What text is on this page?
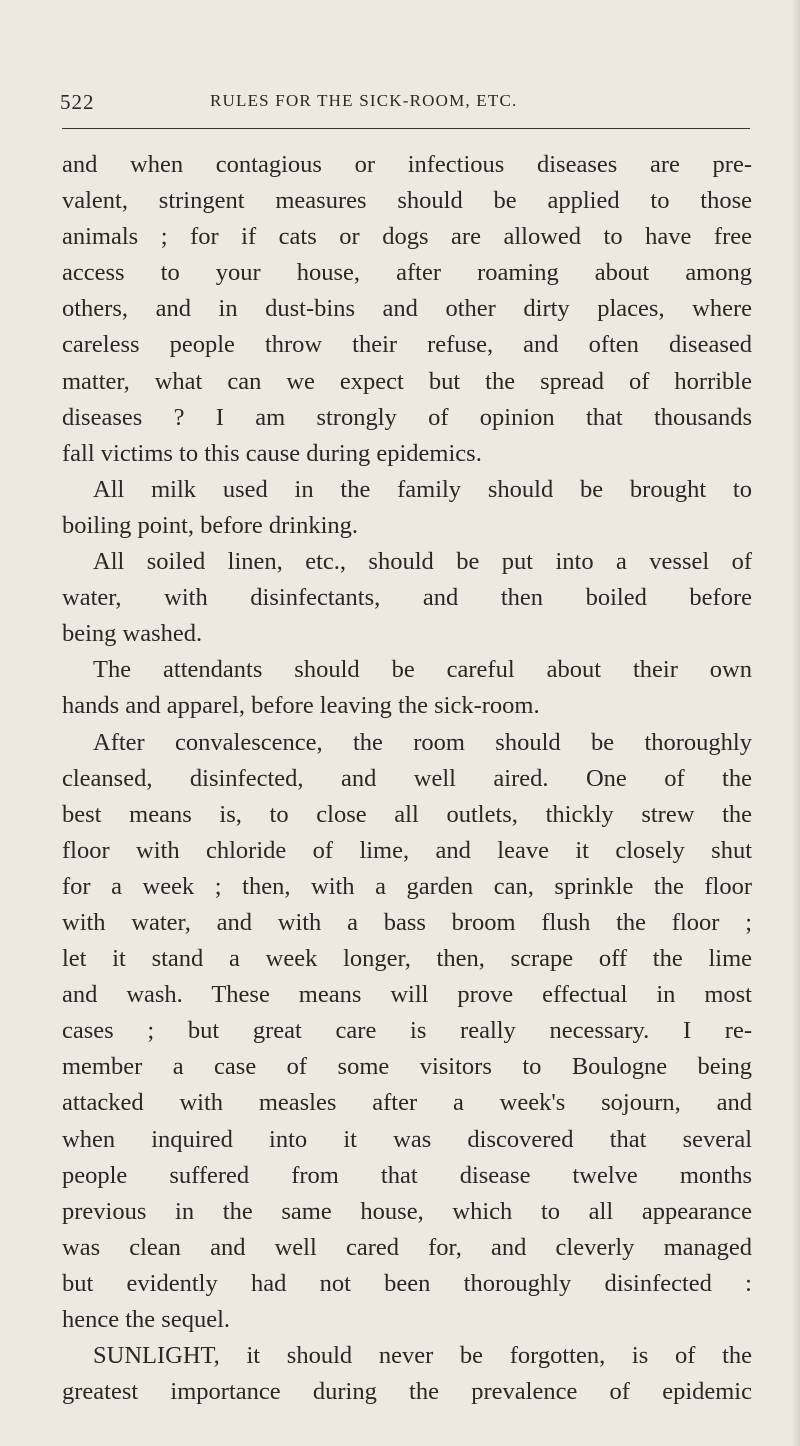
522	RULES FOR THE SICK-ROOM, ETC.
and when contagious or infectious diseases are pre-
valent, stringent measures should be applied to those
animals ; for if cats or dogs are allowed to have free
access to your house, after roaming about among
others, and in dust-bins and other dirty places, where
careless people throw their refuse, and often diseased
matter, what can we expect but the spread of horrible
diseases ? I am strongly of opinion that thousands
fall victims to this cause during epidemics.
All milk used in the family should be brought to
boiling point, before drinking.
All soiled linen, etc., should be put into a vessel of
water, with disinfectants, and then boiled before
being washed.
The attendants should be careful about their own
hands and apparel, before leaving the sick-room.
After convalescence, the room should be thoroughly
cleansed, disinfected, and well aired. One of the
best means is, to close all outlets, thickly strew the
floor with chloride of lime, and leave it closely shut
for a week ; then, with a garden can, sprinkle the floor
with water, and with a bass broom flush the floor ;
let it stand a week longer, then, scrape off the lime
and wash. These means will prove effectual in most
cases ; but great care is really necessary. I re-
member a case of some visitors to Boulogne being
attacked with measles after a week's sojourn, and
when inquired into it was discovered that several
people suffered from that disease twelve months
previous in the same house, which to all appearance
was clean and well cared for, and cleverly managed
but evidently had not been thoroughly disinfected :
hence the sequel.
SUNLIGHT, it should never be forgotten, is of the
greatest importance during the prevalence of epidemic
